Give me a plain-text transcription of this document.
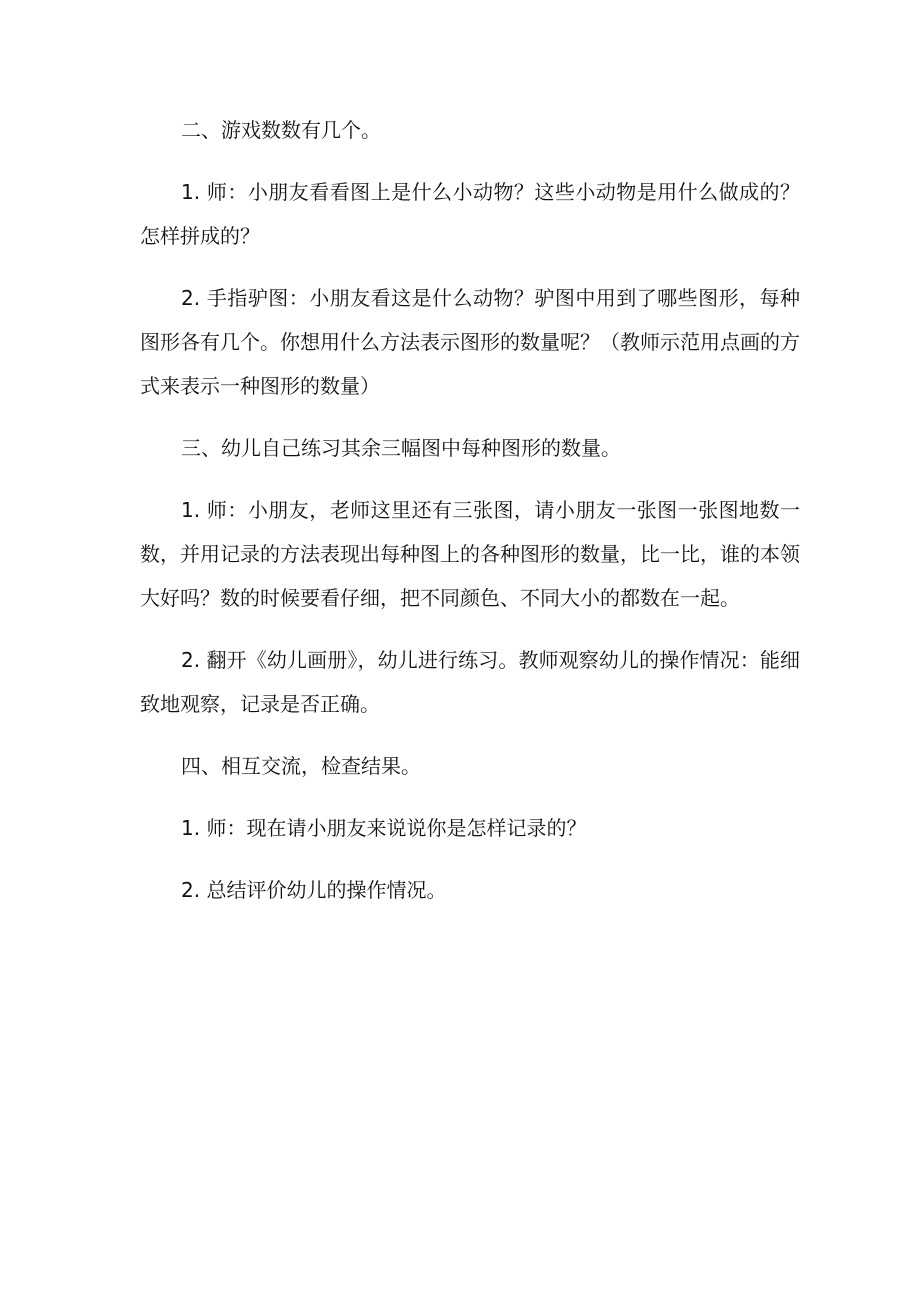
二、游戏数数有几个。

1. 师：小朋友看看图上是什么小动物？这些小动物是用什么做成的？怎样拼成的？

2. 手指驴图：小朋友看这是什么动物？驴图中用到了哪些图形，每种图形各有几个。你想用什么方法表示图形的数量呢？（教师示范用点画的方式来表示一种图形的数量）

三、幼儿自己练习其余三幅图中每种图形的数量。

1. 师：小朋友，老师这里还有三张图，请小朋友一张图一张图地数一数，并用记录的方法表现出每种图上的各种图形的数量，比一比，谁的本领大好吗？数的时候要看仔细，把不同颜色、不同大小的都数在一起。

2. 翻开《幼儿画册》，幼儿进行练习。教师观察幼儿的操作情况：能细致地观察，记录是否正确。

四、相互交流，检查结果。

1. 师：现在请小朋友来说说你是怎样记录的？

2. 总结评价幼儿的操作情况。
